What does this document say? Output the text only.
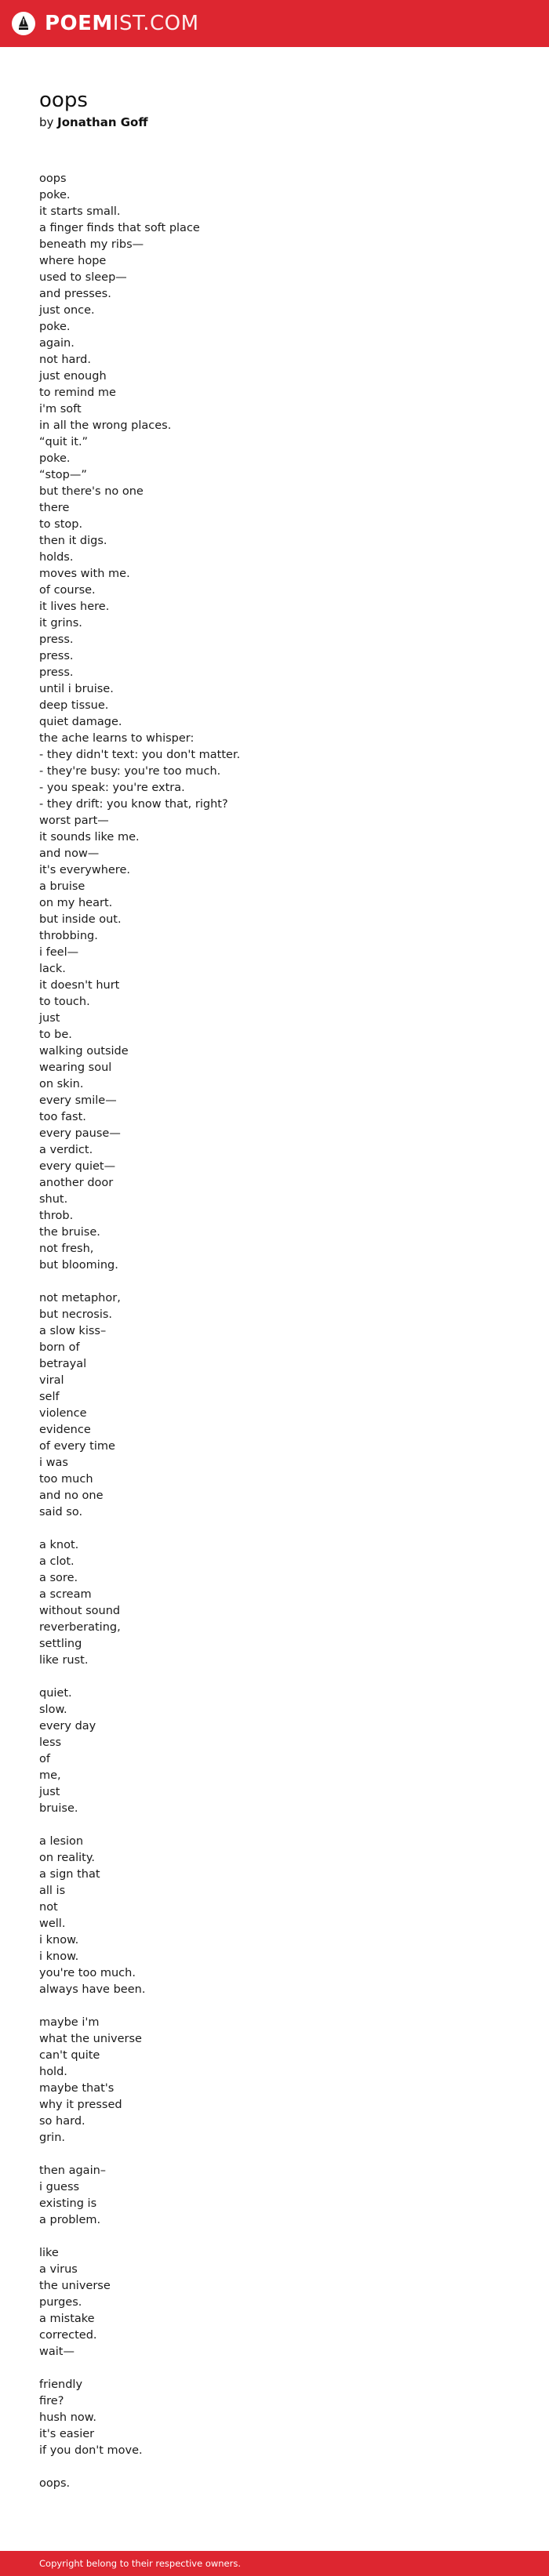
POEMIST.COM
oops
by Jonathan Goff
oops
poke.
it starts small.
a finger finds that soft place
beneath my ribs—
where hope
used to sleep—
and presses.
just once.
poke.
again.
not hard.
just enough
to remind me
i'm soft
in all the wrong places.
“quit it.”
poke.
“stop—”
but there's no one
there
to stop.
then it digs.
holds.
moves with me.
of course.
it lives here.
it grins.
press.
press.
press.
until i bruise.
deep tissue.
quiet damage.
the ache learns to whisper:
- they didn't text: you don't matter.
- they're busy: you're too much.
- you speak: you're extra.
- they drift: you know that, right?
worst part—
it sounds like me.
and now—
it's everywhere.
a bruise
on my heart.
but inside out.
throbbing.
i feel—
lack.
it doesn't hurt
to touch.
just
to be.
walking outside
wearing soul
on skin.
every smile—
too fast.
every pause—
a verdict.
every quiet—
another door
shut.
throb.
the bruise.
not fresh,
but blooming.
not metaphor,
but necrosis.
a slow kiss–
born of
betrayal
viral
self
violence
evidence
of every time
i was
too much
and no one
said so.
a knot.
a clot.
a sore.
a scream
without sound
reverberating,
settling
like rust.
quiet.
slow.
every day
less
of
me,
just
bruise.
a lesion
on reality.
a sign that
all is
not
well.
i know.
i know.
you're too much.
always have been.
maybe i'm
what the universe
can't quite
hold.
maybe that's
why it pressed
so hard.
grin.
then again–
i guess
existing is
a problem.
like
a virus
the universe
purges.
a mistake
corrected.
wait—
friendly
fire?
hush now.
it's easier
if you don't move.
oops.
Copyright belong to their respective owners.
